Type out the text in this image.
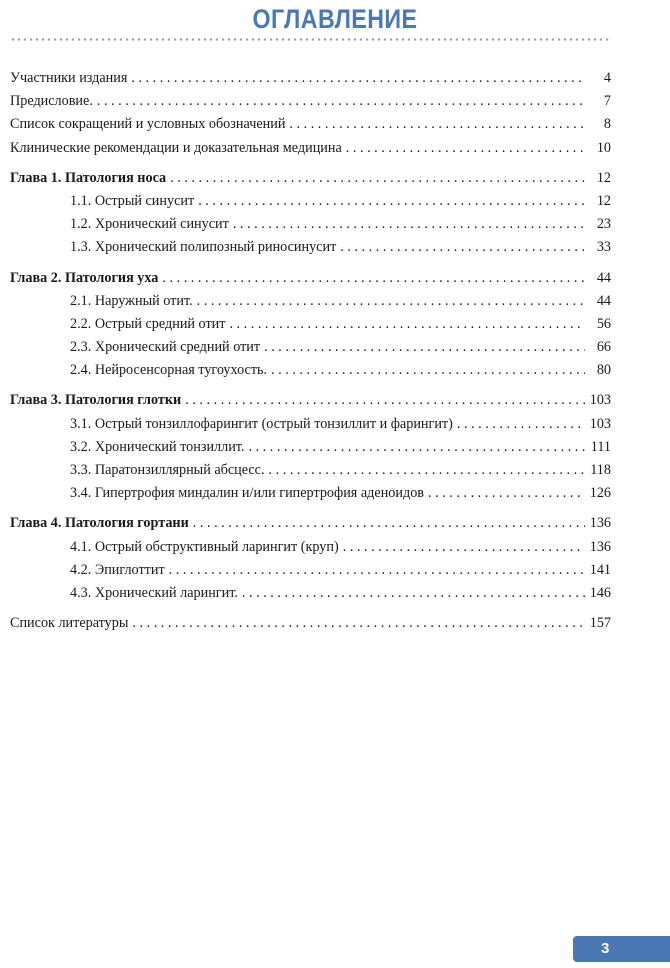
ОГЛАВЛЕНИЕ
Участники издания . . .	4
Предисловие. . . .	7
Список сокращений и условных обозначений . . .	8
Клинические рекомендации и доказательная медицина . . .	10
Глава 1. Патология носа . . .	12
1.1. Острый синусит . . .	12
1.2. Хронический синусит . . .	23
1.3. Хронический полипозный риносинусит . . .	33
Глава 2. Патология уха . . .	44
2.1. Наружный отит. . . .	44
2.2. Острый средний отит . . .	56
2.3. Хронический средний отит . . .	66
2.4. Нейросенсорная тугоухость. . . .	80
Глава 3. Патология глотки . . .	103
3.1. Острый тонзиллофарингит (острый тонзиллит и фарингит) . . .	103
3.2. Хронический тонзиллит. . . .	111
3.3. Паратонзиллярный абсцесс. . . .	118
3.4. Гипертрофия миндалин и/или гипертрофия аденоидов . . .	126
Глава 4. Патология гортани . . .	136
4.1. Острый обструктивный ларингит (круп) . . .	136
4.2. Эпиглоттит . . .	141
4.3. Хронический ларингит. . . .	146
Список литературы . . .	157
3
